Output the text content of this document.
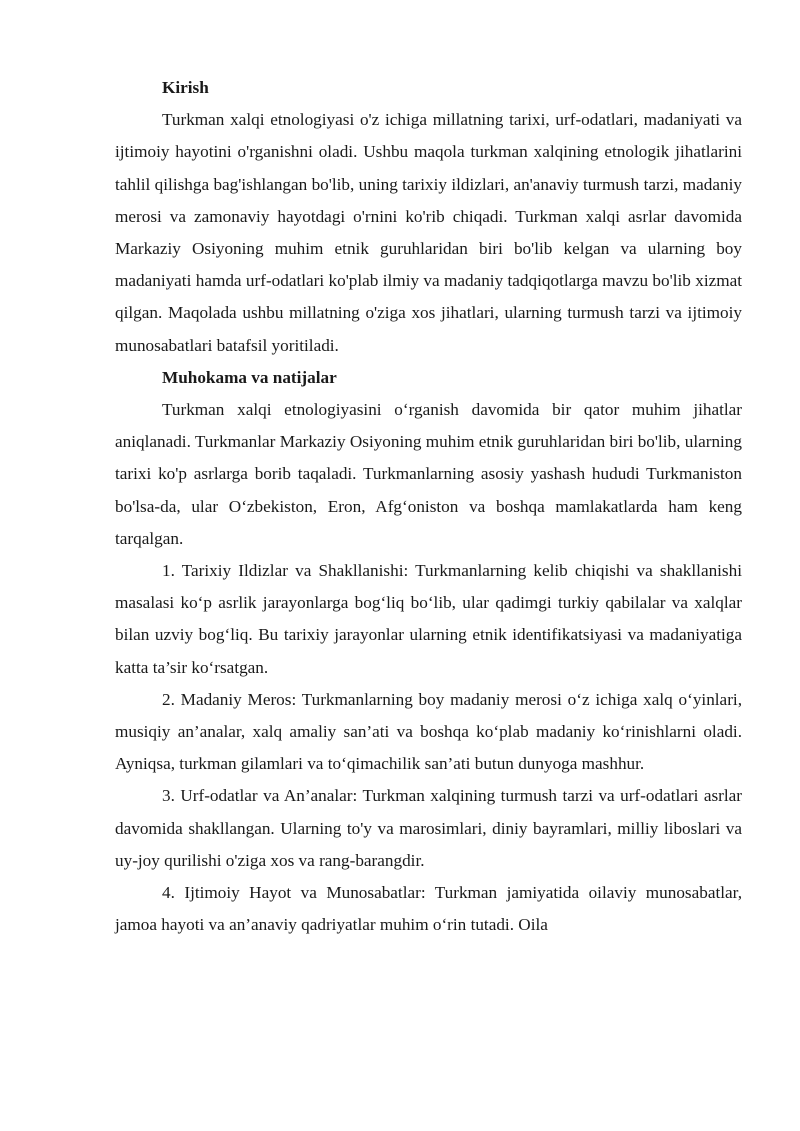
Kirish

Turkman xalqi etnologiyasi o'z ichiga millatning tarixi, urf-odatlari, madaniyati va ijtimoiy hayotini o'rganishni oladi. Ushbu maqola turkman xalqining etnologik jihatlarini tahlil qilishga bag'ishlangan bo'lib, uning tarixiy ildizlari, an'anaviy turmush tarzi, madaniy merosi va zamonaviy hayotdagi o'rnini ko'rib chiqadi. Turkman xalqi asrlar davomida Markaziy Osiyoning muhim etnik guruhlaridan biri bo'lib kelgan va ularning boy madaniyati hamda urf-odatlari ko'plab ilmiy va madaniy tadqiqotlarga mavzu bo'lib xizmat qilgan. Maqolada ushbu millatning o'ziga xos jihatlari, ularning turmush tarzi va ijtimoiy munosabatlari batafsil yoritiladi.

Muhokama va natijalar

Turkman xalqi etnologiyasini o‘rganish davomida bir qator muhim jihatlar aniqlanadi. Turkmanlar Markaziy Osiyoning muhim etnik guruhlaridan biri bo'lib, ularning tarixi ko'p asrlarga borib taqaladi. Turkmanlarning asosiy yashash hududi Turkmaniston bo'lsa-da, ular O‘zbekiston, Eron, Afg‘oniston va boshqa mamlakatlarda ham keng tarqalgan.

1. Tarixiy Ildizlar va Shakllanishi: Turkmanlarning kelib chiqishi va shakllanishi masalasi ko‘p asrlik jarayonlarga bog‘liq bo‘lib, ular qadimgi turkiy qabilalar va xalqlar bilan uzviy bog‘liq. Bu tarixiy jarayonlar ularning etnik identifikatsiyasi va madaniyatiga katta ta’sir ko‘rsatgan.

2. Madaniy Meros: Turkmanlarning boy madaniy merosi o‘z ichiga xalq o‘yinlari, musiqiy an’analar, xalq amaliy san’ati va boshqa ko‘plab madaniy ko‘rinishlarni oladi. Ayniqsa, turkman gilamlari va to‘qimachilik san’ati butun dunyoga mashhur.

3. Urf-odatlar va An’analar: Turkman xalqining turmush tarzi va urf-odatlari asrlar davomida shakllangan. Ularning to'y va marosimlari, diniy bayramlari, milliy liboslari va uy-joy qurilishi o'ziga xos va rang-barangdir.

4. Ijtimoiy Hayot va Munosabatlar: Turkman jamiyatida oilaviy munosabatlar, jamoa hayoti va an’anaviy qadriyatlar muhim o‘rin tutadi. Oila
